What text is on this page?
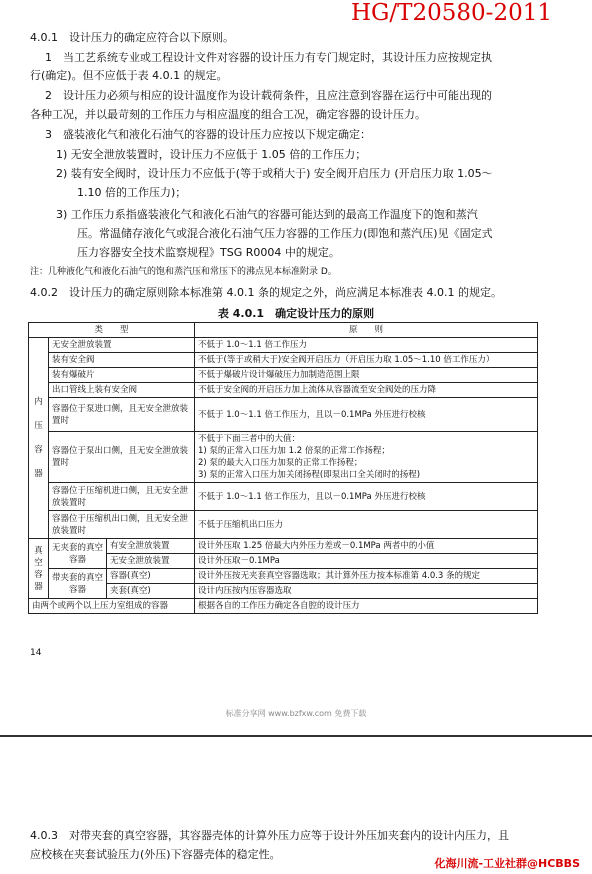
HG/T20580-2011
4.0.1　设计压力的确定应符合以下原则。
1　当工艺系统专业或工程设计文件对容器的设计压力有专门规定时，其设计压力应按规定执
行(确定)。但不应低于表 4.0.1 的规定。
2　设计压力必须与相应的设计温度作为设计载荷条件，且应注意到容器在运行中可能出现的
各种工况，并以最苛刻的工作压力与相应温度的组合工况，确定容器的设计压力。
3　盛装液化气和液化石油气的容器的设计压力应按以下规定确定：
1) 无安全泄放装置时，设计压力不应低于 1.05 倍的工作压力；
2) 装有安全阀时，设计压力不应低于(等于或稍大于) 安全阀开启压力 (开启压力取 1.05～
1.10 倍的工作压力)；
3) 工作压力系指盛装液化气和液化石油气的容器可能达到的最高工作温度下的饱和蒸汽
压。常温储存液化气或混合液化石油气压力容器的工作压力(即饱和蒸汽压)见《固定式
压力容器安全技术监察规程》TSG R0004 中的规定。
注：几种液化气和液化石油气的饱和蒸汽压和常压下的沸点见本标准附录 D。
4.0.2　设计压力的确定原则除本标准第 4.0.1 条的规定之外，尚应满足本标准表 4.0.1 的规定。
表 4.0.1　确定设计压力的原则
类　　型			原　　则
内

压

容

器	无安全泄放装置		不低于 1.0～1.1 倍工作压力
	装有安全阀		不低于(等于或稍大于)安全阀开启压力（开启压力取 1.05～1.10 倍工作压力）
	装有爆破片		不低于爆破片设计爆破压力加制造范围上限
	出口管线上装有安全阀		不低于安全阀的开启压力加上流体从容器流至安全阀处的压力降
	容器位于泵进口侧，且无安全泄放装置时		不低于 1.0～1.1 倍工作压力，且以－0.1MPa 外压进行校核
	容器位于泵出口侧，且无安全泄放装置时		不低于下面三者中的大值：
1) 泵的正常入口压力加 1.2 倍泵的正常工作扬程；
2) 泵的最大入口压力加泵的正常工作扬程；
3) 泵的正常入口压力加关闭扬程(即泵出口全关闭时的扬程)

	容器位于压缩机进口侧，且无安全泄放装置时		不低于 1.0～1.1 倍工作压力，且以－0.1MPa 外压进行校核
	容器位于压缩机出口侧，且无安全泄放装置时		不低于压缩机出口压力
真
空
容
器	无夹套的真空容器	有安全泄放装置	设计外压取 1.25 倍最大内外压力差或－0.1MPa 两者中的小值
		无安全泄放装置	设计外压取－0.1MPa
	带夹套的真空容器	容器(真空)	设计外压按无夹套真空容器选取；其计算外压力按本标准第 4.0.3 条的规定
		夹套(真空)	设计内压按内压容器选取
由两个或两个以上压力室组成的容器			根据各自的工作压力确定各自腔的设计压力
14
标准分享网 www.bzfxw.com 免费下载
4.0.3　对带夹套的真空容器，其容器壳体的计算外压力应等于设计外压加夹套内的设计内压力，且
应校核在夹套试验压力(外压)下容器壳体的稳定性。
化海川流-工业社群@HCBBS
